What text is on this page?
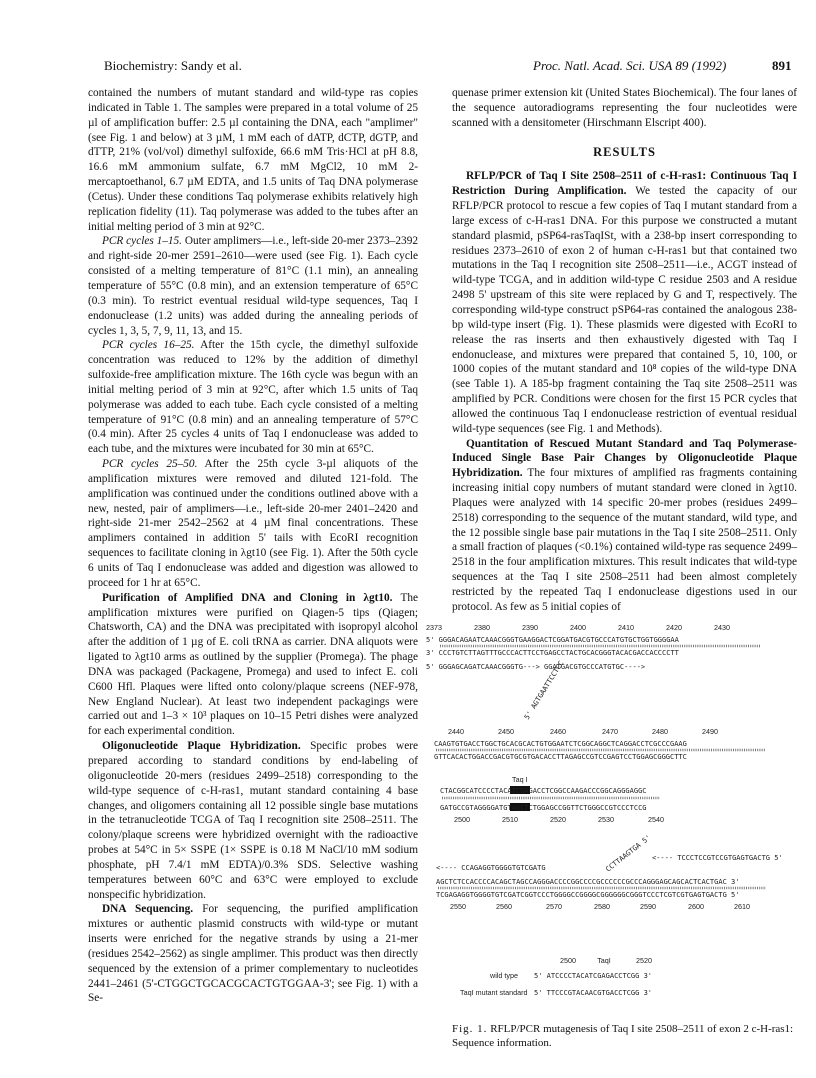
Biochemistry: Sandy et al.	Proc. Natl. Acad. Sci. USA 89 (1992)	891

contained the numbers of mutant standard and wild-type ras copies indicated in Table 1. The samples were prepared in a total volume of 25 µl of amplification buffer: 2.5 µl containing the DNA, each "amplimer" (see Fig. 1 and below) at 3 µM, 1 mM each of dATP, dCTP, dGTP, and dTTP, 21% (vol/vol) dimethyl sulfoxide, 66.6 mM Tris·HCl at pH 8.8, 16.6 mM ammonium sulfate, 6.7 mM MgCl2, 10 mM 2-mercaptoethanol, 6.7 µM EDTA, and 1.5 units of Taq DNA polymerase (Cetus). Under these conditions Taq polymerase exhibits relatively high replication fidelity (11). Taq polymerase was added to the tubes after an initial melting period of 3 min at 92°C.

PCR cycles 1–15. Outer amplimers—i.e., left-side 20-mer 2373–2392 and right-side 20-mer 2591–2610—were used (see Fig. 1). Each cycle consisted of a melting temperature of 81°C (1.1 min), an annealing temperature of 55°C (0.8 min), and an extension temperature of 65°C (0.3 min). To restrict eventual residual wild-type sequences, Taq I endonuclease (1.2 units) was added during the annealing periods of cycles 1, 3, 5, 7, 9, 11, 13, and 15.

PCR cycles 16–25. After the 15th cycle, the dimethyl sulfoxide concentration was reduced to 12% by the addition of dimethyl sulfoxide-free amplification mixture. The 16th cycle was begun with an initial melting period of 3 min at 92°C, after which 1.5 units of Taq polymerase was added to each tube. Each cycle consisted of a melting temperature of 91°C (0.8 min) and an annealing temperature of 57°C (0.4 min). After 25 cycles 4 units of Taq I endonuclease was added to each tube, and the mixtures were incubated for 30 min at 65°C.

PCR cycles 25–50. After the 25th cycle 3-µl aliquots of the amplification mixtures were removed and diluted 121-fold. The amplification was continued under the conditions outlined above with a new, nested, pair of amplimers—i.e., left-side 20-mer 2401–2420 and right-side 21-mer 2542–2562 at 4 µM final concentrations. These amplimers contained in addition 5' tails with EcoRI recognition sequences to facilitate cloning in λgt10 (see Fig. 1). After the 50th cycle 6 units of Taq I endonuclease was added and digestion was allowed to proceed for 1 hr at 65°C.

Purification of Amplified DNA and Cloning in λgt10. The amplification mixtures were purified on Qiagen-5 tips (Qiagen; Chatsworth, CA) and the DNA was precipitated with isopropyl alcohol after the addition of 1 µg of E. coli tRNA as carrier. DNA aliquots were ligated to λgt10 arms as outlined by the supplier (Promega). The phage DNA was packaged (Packagene, Promega) and used to infect E. coli C600 Hfl. Plaques were lifted onto colony/plaque screens (NEF-978, New England Nuclear). At least two independent packagings were carried out and 1–3 × 10³ plaques on 10–15 Petri dishes were analyzed for each experimental condition.

Oligonucleotide Plaque Hybridization. Specific probes were prepared according to standard conditions by end-labeling of oligonucleotide 20-mers (residues 2499–2518) corresponding to the wild-type sequence of c-H-ras1, mutant standard containing 4 base changes, and oligomers containing all 12 possible single base mutations in the tetranucleotide TCGA of Taq I recognition site 2508–2511. The colony/plaque screens were hybridized overnight with the radioactive probes at 54°C in 5× SSPE (1× SSPE is 0.18 M NaCl/10 mM sodium phosphate, pH 7.4/1 mM EDTA)/0.3% SDS. Selective washing temperatures between 60°C and 63°C were employed to exclude nonspecific hybridization.

DNA Sequencing. For sequencing, the purified amplification mixtures or authentic plasmid constructs with wild-type or mutant inserts were enriched for the negative strands by using a 21-mer (residues 2542–2562) as single amplimer. This product was then directly sequenced by the extension of a primer complementary to nucleotides 2441–2461 (5'-CTGGCTGCACGCACTGTGGAA-3'; see Fig. 1) with a Se-

quenase primer extension kit (United States Biochemical). The four lanes of the sequence autoradiograms representing the four nucleotides were scanned with a densitometer (Hirschmann Elscript 400).

RESULTS

RFLP/PCR of Taq I Site 2508–2511 of c-H-ras1: Continuous Taq I Restriction During Amplification. We tested the capacity of our RFLP/PCR protocol to rescue a few copies of Taq I mutant standard from a large excess of c-H-ras1 DNA. For this purpose we constructed a mutant standard plasmid, pSP64-rasTaqISt, with a 238-bp insert corresponding to residues 2373–2610 of exon 2 of human c-H-ras1 but that contained two mutations in the Taq I recognition site 2508–2511—i.e., ACGT instead of wild-type TCGA, and in addition wild-type C residue 2503 and A residue 2498 5' upstream of this site were replaced by G and T, respectively. The corresponding wild-type construct pSP64-ras contained the analogous 238-bp wild-type insert (Fig. 1). These plasmids were digested with EcoRI to release the ras inserts and then exhaustively digested with Taq I endonuclease, and mixtures were prepared that contained 5, 10, 100, or 1000 copies of the mutant standard and 10⁸ copies of the wild-type DNA (see Table 1). A 185-bp fragment containing the Taq site 2508–2511 was amplified by PCR. Conditions were chosen for the first 15 PCR cycles that allowed the continuous Taq I endonuclease restriction of eventual residual wild-type sequences (see Fig. 1 and Methods).

Quantitation of Rescued Mutant Standard and Taq Polymerase-Induced Single Base Pair Changes by Oligonucleotide Plaque Hybridization. The four mixtures of amplified ras fragments containing increasing initial copy numbers of mutant standard were cloned in λgt10. Plaques were analyzed with 14 specific 20-mer probes (residues 2499–2518) corresponding to the sequence of the mutant standard, wild type, and the 12 possible single base pair mutations in the Taq I site 2508–2511. Only a small fraction of plaques (<0.1%) contained wild-type ras sequence 2499–2518 in the four amplification mixtures. This result indicates that wild-type sequences at the Taq I site 2508–2511 had been almost completely restricted by the repeated Taq I endonuclease digestions used in our protocol. As few as 5 initial copies of

2373	2380	2390	2400	2410	2420	2430
5' GGGACAGAATCAAACGGGTGAAGGACTCGGATGACGTGCCCATGTGCTGGTGGGGAA
3' CCCTGTCTTAGTTTGCCCACTTCCTGAGCCTACTGCACGGGTACACGACCACCCCTT
5' GGGAGCAGATCAAACGGGTG---> GGATGACGTGCCCATGTGC---->
5' AGTGAATTCCTCC
2440	2450	2460	2470	2480	2490
CAAGTGTGACCTGGCTGCACGCACTGTGGAATCTCGGCAGGCTCAGGACCTCGCCCGAAG
GTTCACACTGGACCGACGTGCGTGACACCTTAGAGCCGTCCGAGTCCTGGAGCGGGCTTC
Taq I
CTACGGCATCCCCTACATCGAGACCTCGGCCAAGACCCGGCAGGGAGGC
GATGCCGTAGGGGATGTAGCTCTGGAGCCGGTTCTGGGCCGTCCCTCCG
2500	2510	2520	2530	2540
CCTTAAGTGA 5'
<---- CCAGAGGTGGGGTGTCGATG
<---- TCCCTCCGTCCGTGAGTGACTG 5'
AGCTCTCCACCCCACAGCTAGCCAGGGACCCCGGCCCCGCCCCCCGCCCAGGGAGCAGCACTCACTGAC 3'
TCGAGAGGTGGGGTGTCGATCGGTCCCTGGGGCCGGGGCGGGGGGCGGGTCCCTCGTCGTGAGTGACTG 5'
2550	2560	2570	2580	2590	2600	2610
2500	TaqI	2520
wild type 5' ATCCCCTACATCGAGACCTCGG 3'
TaqI mutant standard 5' TTCCCGTACAACGTGACCTCGG 3'
Fig. 1. RFLP/PCR mutagenesis of Taq I site 2508–2511 of exon 2 c-H-ras1: Sequence information.
